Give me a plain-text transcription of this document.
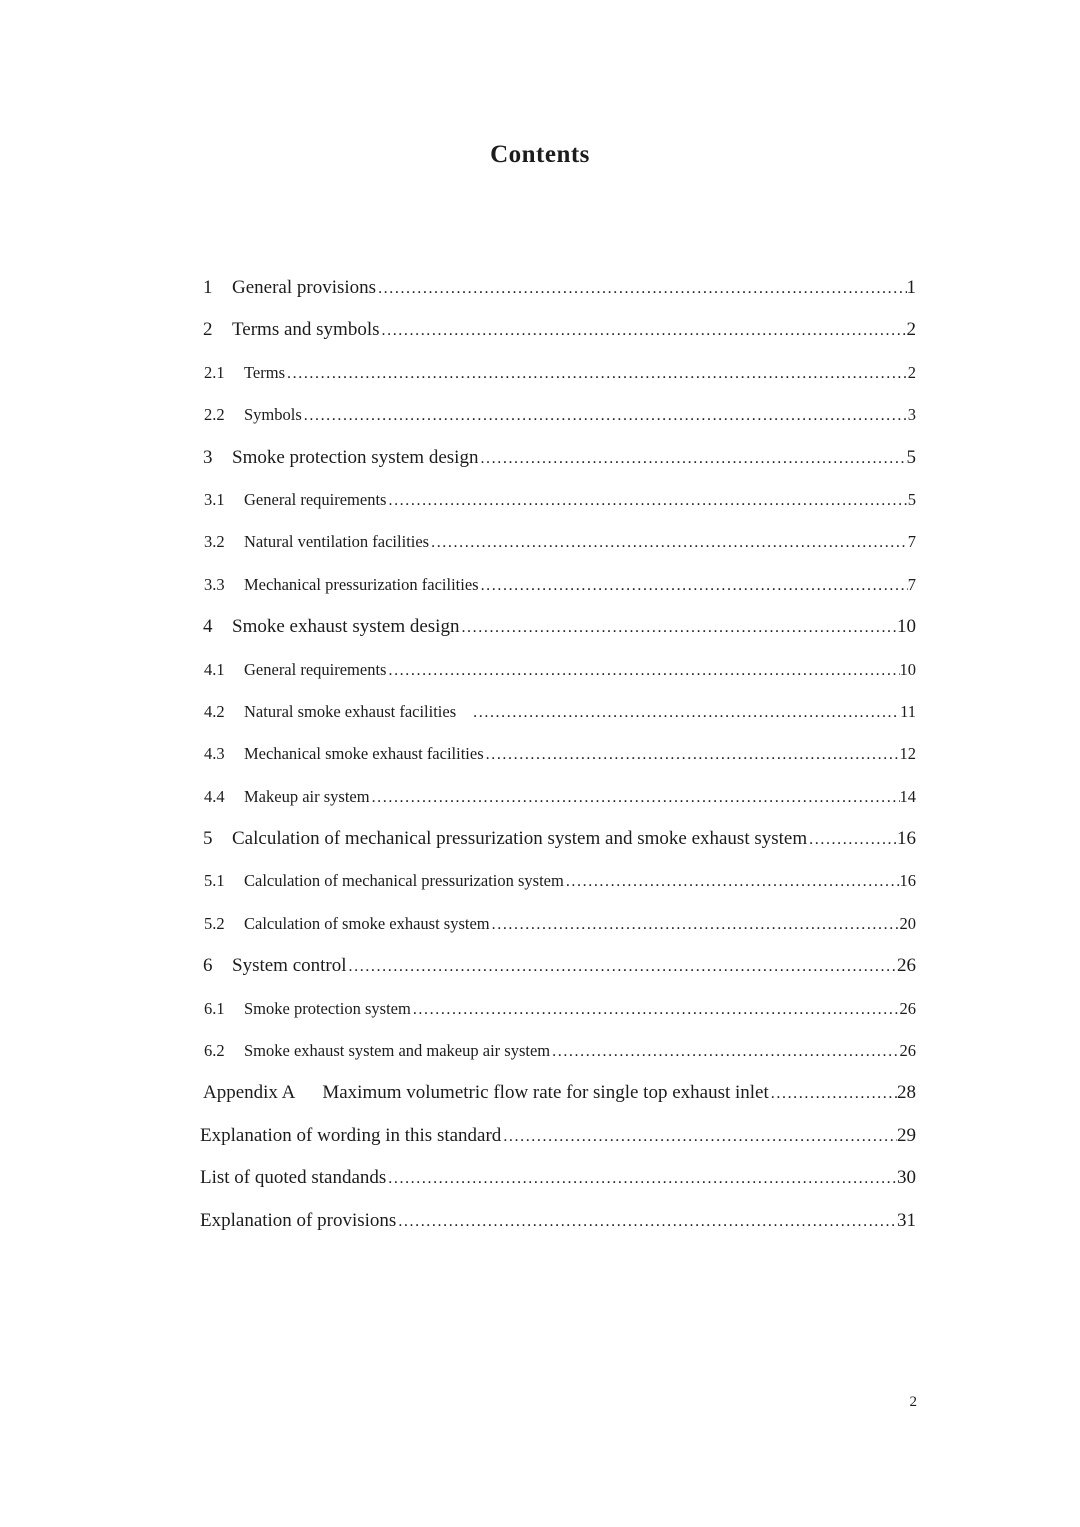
Contents
1	General provisions .....	1
2	Terms and symbols .....	2
2.1	Terms .....	2
2.2	Symbols .....	3
3	Smoke protection system design .....	5
3.1	General requirements .....	5
3.2	Natural ventilation facilities .....	7
3.3	Mechanical pressurization facilities .....	7
4	Smoke exhaust system design .....	10
4.1	General requirements .....	10
4.2	Natural smoke exhaust facilities .....	11
4.3	Mechanical smoke exhaust facilities .....	12
4.4	Makeup air system .....	14
5	Calculation of mechanical pressurization system and smoke exhaust system .....	16
5.1	Calculation of mechanical pressurization system .....	16
5.2	Calculation of smoke exhaust system .....	20
6	System control .....	26
6.1	Smoke protection system .....	26
6.2	Smoke exhaust system and makeup air system .....	26
Appendix A Maximum volumetric flow rate for single top exhaust inlet .....	28
Explanation of wording in this standard .....	29
List of quoted standands .....	30
Explanation of provisions .....	31
2
